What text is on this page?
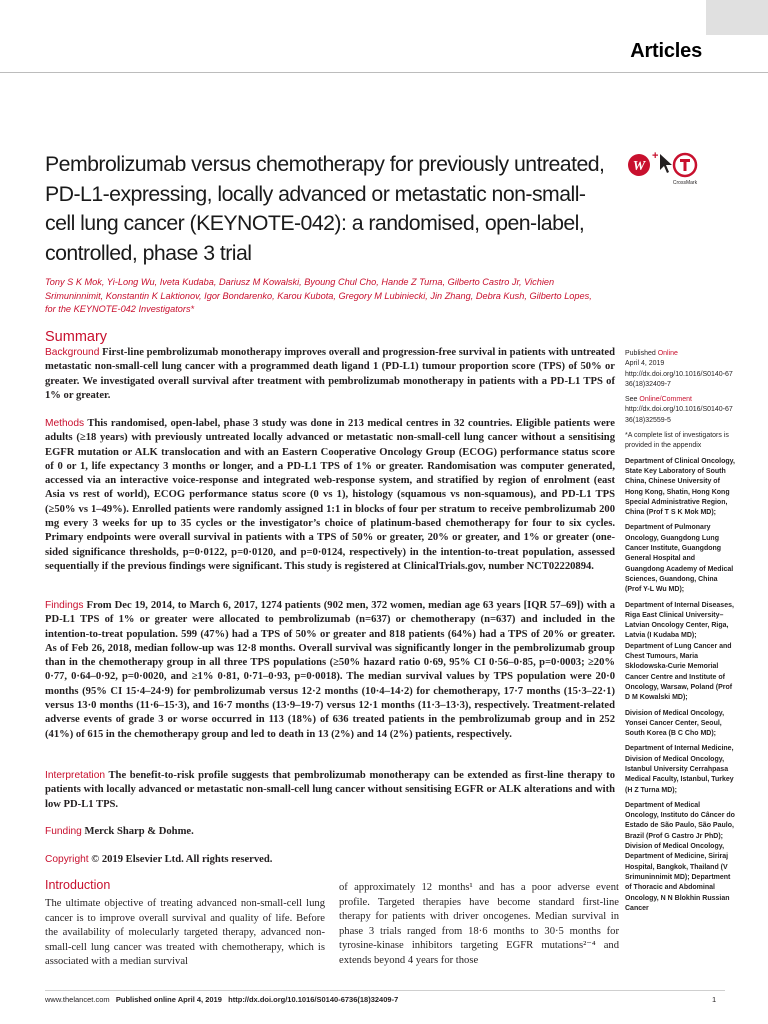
Articles
Pembrolizumab versus chemotherapy for previously untreated, PD-L1-expressing, locally advanced or metastatic non-small-cell lung cancer (KEYNOTE-042): a randomised, open-label, controlled, phase 3 trial
W
+
CrossMark
Tony S K Mok, Yi-Long Wu, Iveta Kudaba, Dariusz M Kowalski, Byoung Chul Cho, Hande Z Turna, Gilberto Castro Jr, Vichien Srimuninnimit, Konstantin K Laktionov, Igor Bondarenko, Karou Kubota, Gregory M Lubiniecki, Jin Zhang, Debra Kush, Gilberto Lopes, for the KEYNOTE-042 Investigators*
Summary
Background First-line pembrolizumab monotherapy improves overall and progression-free survival in patients with untreated metastatic non-small-cell lung cancer with a programmed death ligand 1 (PD-L1) tumour proportion score (TPS) of 50% or greater. We investigated overall survival after treatment with pembrolizumab monotherapy in patients with a PD-L1 TPS of 1% or greater.
Methods This randomised, open-label, phase 3 study was done in 213 medical centres in 32 countries. Eligible patients were adults (≥18 years) with previously untreated locally advanced or metastatic non-small-cell lung cancer without a sensitising EGFR mutation or ALK translocation and with an Eastern Cooperative Oncology Group (ECOG) performance status score of 0 or 1, life expectancy 3 months or longer, and a PD-L1 TPS of 1% or greater. Randomisation was computer generated, accessed via an interactive voice-response and integrated web-response system, and stratified by region of enrolment (east Asia vs rest of world), ECOG performance status score (0 vs 1), histology (squamous vs non-squamous), and PD-L1 TPS (≥50% vs 1–49%). Enrolled patients were randomly assigned 1:1 in blocks of four per stratum to receive pembrolizumab 200 mg every 3 weeks for up to 35 cycles or the investigator’s choice of platinum-based chemotherapy for four to six cycles. Primary endpoints were overall survival in patients with a TPS of 50% or greater, 20% or greater, and 1% or greater (one-sided significance thresholds, p=0·0122, p=0·0120, and p=0·0124, respectively) in the intention-to-treat population, assessed sequentially if the previous findings were significant. This study is registered at ClinicalTrials.gov, number NCT02220894.
Findings From Dec 19, 2014, to March 6, 2017, 1274 patients (902 men, 372 women, median age 63 years [IQR 57–69]) with a PD-L1 TPS of 1% or greater were allocated to pembrolizumab (n=637) or chemotherapy (n=637) and included in the intention-to-treat population. 599 (47%) had a TPS of 50% or greater and 818 patients (64%) had a TPS of 20% or greater. As of Feb 26, 2018, median follow-up was 12·8 months. Overall survival was significantly longer in the pembrolizumab group than in the chemotherapy group in all three TPS populations (≥50% hazard ratio 0·69, 95% CI 0·56–0·85, p=0·0003; ≥20% 0·77, 0·64–0·92, p=0·0020, and ≥1% 0·81, 0·71–0·93, p=0·0018). The median survival values by TPS population were 20·0 months (95% CI 15·4–24·9) for pembrolizumab versus 12·2 months (10·4–14·2) for chemotherapy, 17·7 months (15·3–22·1) versus 13·0 months (11·6–15·3), and 16·7 months (13·9–19·7) versus 12·1 months (11·3–13·3), respectively. Treatment-related adverse events of grade 3 or worse occurred in 113 (18%) of 636 treated patients in the pembrolizumab group and in 252 (41%) of 615 in the chemotherapy group and led to death in 13 (2%) and 14 (2%) patients, respectively.
Interpretation The benefit-to-risk profile suggests that pembrolizumab monotherapy can be extended as first-line therapy to patients with locally advanced or metastatic non-small-cell lung cancer without sensitising EGFR or ALK alterations and with low PD-L1 TPS.
Funding Merck Sharp & Dohme.
Copyright © 2019 Elsevier Ltd. All rights reserved.
Introduction
The ultimate objective of treating advanced non-small-cell lung cancer is to improve overall survival and quality of life. Before the availability of molecularly targeted therapy, advanced non-small-cell lung cancer was treated with chemotherapy, which is associated with a median survival
of approximately 12 months¹ and has a poor adverse event profile. Targeted therapies have become standard first-line therapy for patients with driver oncogenes. Median survival in phase 3 trials ranged from 18·6 months to 30·5 months for tyrosine-kinase inhibitors targeting EGFR mutations²⁻⁴ and extends beyond 4 years for those
Published Online
April 4, 2019
http://dx.doi.org/10.1016/S0140-6736(18)32409-7
See Online/Comment
http://dx.doi.org/10.1016/S0140-6736(18)32559-5
*A complete list of investigators is provided in the appendix
Department of Clinical Oncology, State Key Laboratory of South China, Chinese University of Hong Kong, Shatin, Hong Kong Special Administrative Region, China (Prof T S K Mok MD);
Department of Pulmonary Oncology, Guangdong Lung Cancer Institute, Guangdong General Hospital and Guangdong Academy of Medical Sciences, Guandong, China (Prof Y-L Wu MD);
Department of Internal Diseases, Riga East Clinical University–Latvian Oncology Center, Riga, Latvia (I Kudaba MD); Department of Lung Cancer and Chest Tumours, Maria Sklodowska-Curie Memorial Cancer Centre and Institute of Oncology, Warsaw, Poland (Prof D M Kowalski MD);
Division of Medical Oncology, Yonsei Cancer Center, Seoul, South Korea (B C Cho MD);
Department of Internal Medicine, Division of Medical Oncology, Istanbul University Cerrahpasa Medical Faculty, Istanbul, Turkey (H Z Turna MD);
Department of Medical Oncology, Instituto do Câncer do Estado de São Paulo, São Paulo, Brazil (Prof G Castro Jr PhD); Division of Medical Oncology, Department of Medicine, Siriraj Hospital, Bangkok, Thailand (V Srimuninnimit MD); Department of Thoracic and Abdominal Oncology, N N Blokhin Russian Cancer
www.thelancet.com Published online April 4, 2019 http://dx.doi.org/10.1016/S0140-6736(18)32409-7	1
